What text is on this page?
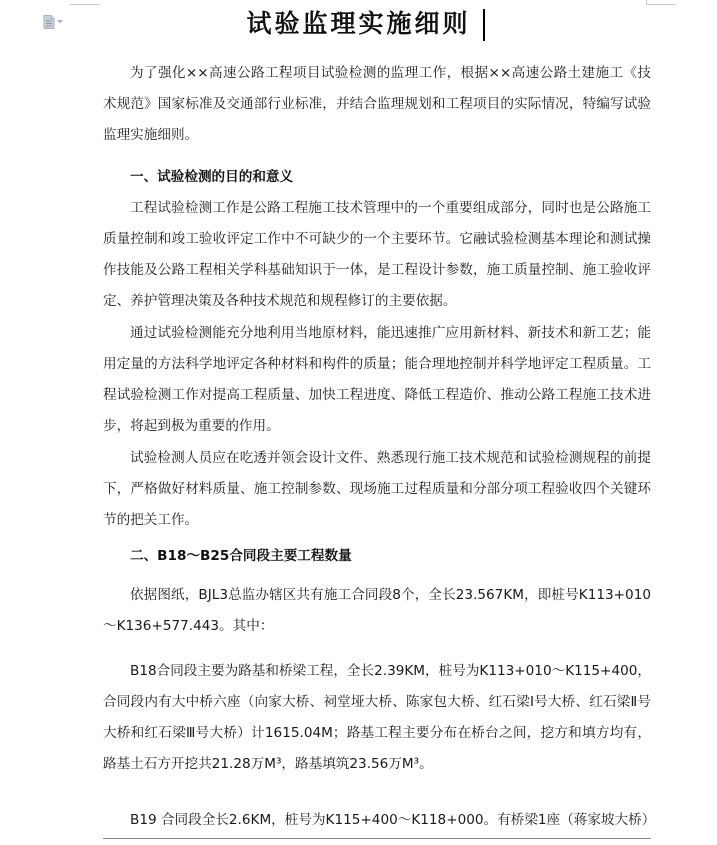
试验监理实施细则

为了强化××高速公路工程项目试验检测的监理工作，根据××高速公路土建施工《技术规范》国家标准及交通部行业标准，并结合监理规划和工程项目的实际情况，特编写试验监理实施细则。

一、试验检测的目的和意义

工程试验检测工作是公路工程施工技术管理中的一个重要组成部分，同时也是公路施工质量控制和竣工验收评定工作中不可缺少的一个主要环节。它融试验检测基本理论和测试操作技能及公路工程相关学科基础知识于一体，是工程设计参数，施工质量控制、施工验收评定、养护管理决策及各种技术规范和规程修订的主要依据。

通过试验检测能充分地利用当地原材料，能迅速推广应用新材料、新技术和新工艺；能用定量的方法科学地评定各种材料和构件的质量；能合理地控制并科学地评定工程质量。工程试验检测工作对提高工程质量、加快工程进度、降低工程造价、推动公路工程施工技术进步，将起到极为重要的作用。

试验检测人员应在吃透并领会设计文件、熟悉现行施工技术规范和试验检测规程的前提下，严格做好材料质量、施工控制参数、现场施工过程质量和分部分项工程验收四个关键环节的把关工作。

二、B18～B25合同段主要工程数量

依据图纸，BJL3总监办辖区共有施工合同段8个，全长23.567KM，即桩号K113+010～K136+577.443。其中：

B18合同段主要为路基和桥梁工程，全长2.39KM，桩号为K113+010～K115+400，合同段内有大中桥六座（向家大桥、祠堂垭大桥、陈家包大桥、红石梁Ⅰ号大桥、红石梁Ⅱ号大桥和红石梁Ⅲ号大桥）计1615.04M；路基工程主要分布在桥台之间，挖方和填方均有，路基土石方开挖共21.28万M³，路基填筑23.56万M³。

B19 合同段全长2.6KM，桩号为K115+400～K118+000。有桥梁1座（蒋家坡大桥）
